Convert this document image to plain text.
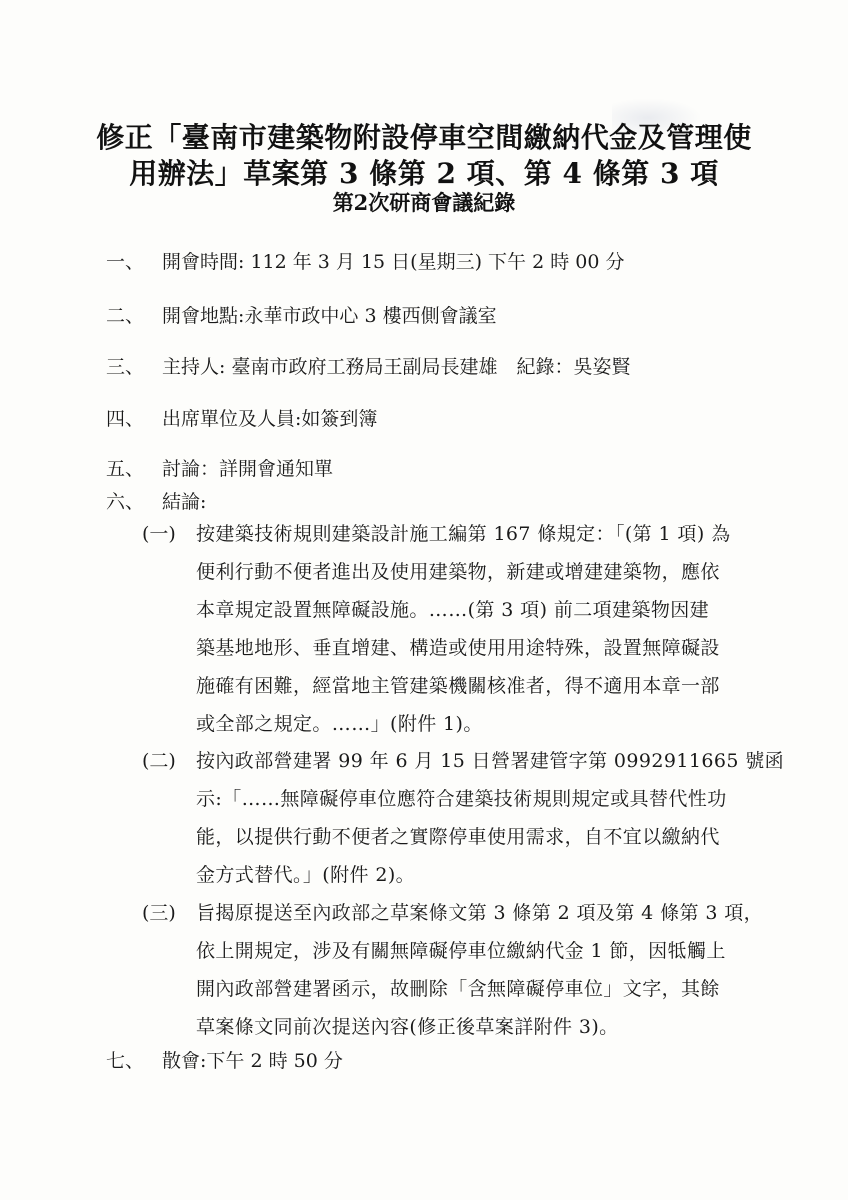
修正「臺南市建築物附設停車空間繳納代金及管理使
用辦法」草案第 3 條第 2 項、第 4 條第 3 項
第2次研商會議紀錄
一、 開會時間: 112 年 3 月 15 日(星期三) 下午 2 時 00 分
二、 開會地點:永華市政中心 3 樓西側會議室
三、 主持人: 臺南市政府工務局王副局長建雄　紀錄：吳姿賢
四、 出席單位及人員:如簽到簿
五、 討論：詳開會通知單
六、 結論:
(一) 按建築技術規則建築設計施工編第 167 條規定：「(第 1 項) 為
便利行動不便者進出及使用建築物，新建或增建建築物，應依
本章規定設置無障礙設施。……(第 3 項) 前二項建築物因建
築基地地形、垂直增建、構造或使用用途特殊，設置無障礙設
施確有困難，經當地主管建築機關核准者，得不適用本章一部
或全部之規定。……」(附件 1)。
(二) 按內政部營建署 99 年 6 月 15 日營署建管字第 0992911665 號函
示:「……無障礙停車位應符合建築技術規則規定或具替代性功
能，以提供行動不便者之實際停車使用需求，自不宜以繳納代
金方式替代。」(附件 2)。
(三) 旨揭原提送至內政部之草案條文第 3 條第 2 項及第 4 條第 3 項，
依上開規定，涉及有關無障礙停車位繳納代金 1 節，因牴觸上
開內政部營建署函示，故刪除「含無障礙停車位」文字，其餘
草案條文同前次提送內容(修正後草案詳附件 3)。
七、 散會:下午 2 時 50 分
